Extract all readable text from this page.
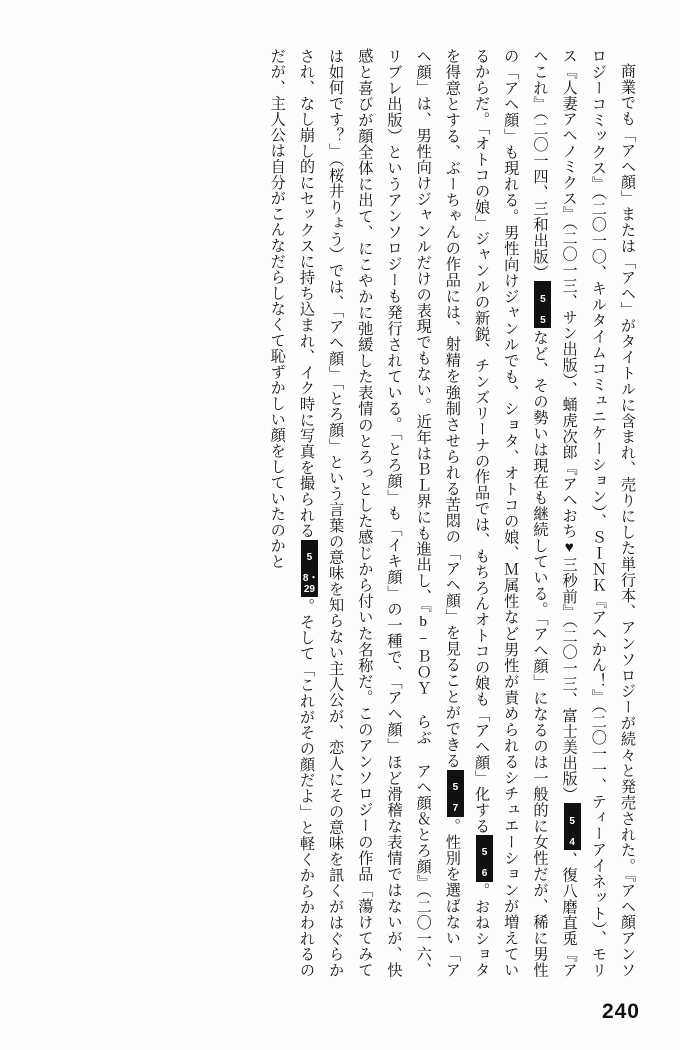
商業でも「アヘ顔」または「アヘ」がタイトルに含まれ、売りにした単行本、アンソロジーが続々と発売された。『アヘ顔アンソロジーコミックス』（二〇一〇、キルタイムコミュニケーション）、ＳＩＮＫ『アヘかん！』（二〇一一、ティーアイネット）、モリス『人妻アヘノミクス』（二〇一三、サン出版）、蛹虎次郎『アヘおち♥三秒前』（二〇一三、富士美出版）
図5
24
、復八磨直兎『アヘこれ』（二〇一四、三和出版）
図5
25
など、その勢いは現在も継続している。「アヘ顔」になるのは一般的に女性だが、稀に男性の「アヘ顔」も現れる。男性向けジャンルでも、ショタ、オトコの娘、Ｍ属性など男性が責められるシチュエーションが増えているからだ。「オトコの娘」ジャンルの新鋭、チンズリーナの作品では、もちろんオトコの娘も「アヘ顔」化する
図5
26
。おねショタを得意とする、ぶーちゃんの作品には、射精を強制させられる苦悶の「アヘ顔」を見ることができる
図5
27
。性別を選ばない「アヘ顔」は、男性向けジャンルだけの表現でもない。近年はＢＬ界にも進出し、『b−ＢＯＹ らぶ アヘ顔＆とろ顔』（二〇一六、リブレ出版）というアンソロジーも発行されている。「とろ顔」も「イキ顔」の一種で、「アヘ顔」ほど滑稽な表情ではないが、快感と喜びが顔全体に出て、にこやかに弛緩した表情のとろっとした感じから付いた名称だ。このアンソロジーの作品「蕩けてみては如何です？」（桜井りょう）では、「アヘ顔」「とろ顔」という言葉の意味を知らない主人公が、恋人にその意味を訊くがはぐらかされ、なし崩し的にセックスに持ち込まれ、イク時に写真を撮られる
図5
28・29
。そして「これがその顔だよ」と軽くからかわれるのだが、主人公は自分がこんなだらしなくて恥ずかしい顔をしていたのかと

240
